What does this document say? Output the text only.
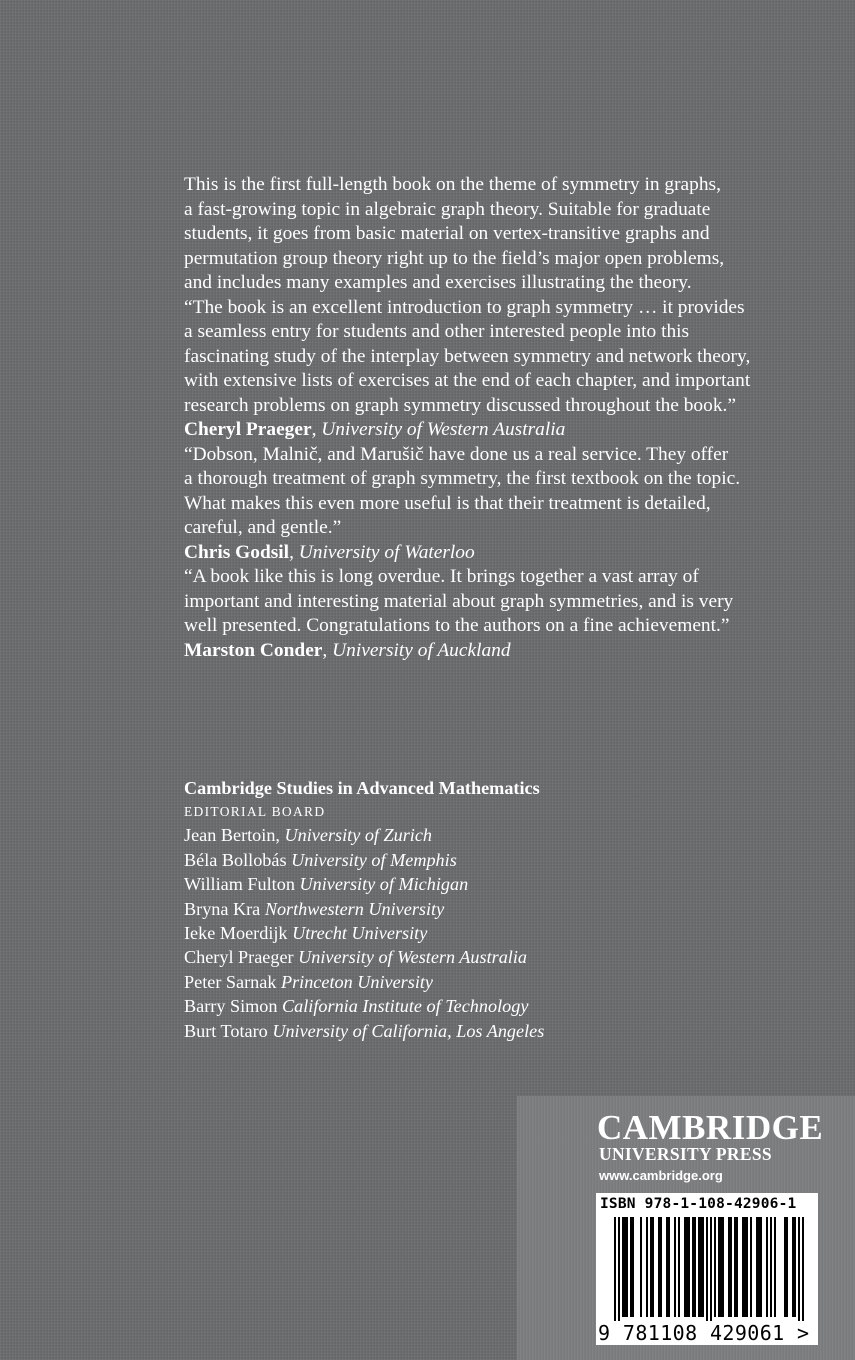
This is the first full-length book on the theme of symmetry in graphs,
a fast-growing topic in algebraic graph theory. Suitable for graduate
students, it goes from basic material on vertex-transitive graphs and
permutation group theory right up to the field’s major open problems,
and includes many examples and exercises illustrating the theory.

“The book is an excellent introduction to graph symmetry … it provides
a seamless entry for students and other interested people into this
fascinating study of the interplay between symmetry and network theory,
with extensive lists of exercises at the end of each chapter, and important
research problems on graph symmetry discussed throughout the book.”
Cheryl Praeger, University of Western Australia

“Dobson, Malnič, and Marušič have done us a real service. They offer
a thorough treatment of graph symmetry, the first textbook on the topic.
What makes this even more useful is that their treatment is detailed,
careful, and gentle.”
Chris Godsil, University of Waterloo

“A book like this is long overdue. It brings together a vast array of
important and interesting material about graph symmetries, and is very
well presented. Congratulations to the authors on a fine achievement.”
Marston Conder, University of Auckland

Cambridge Studies in Advanced Mathematics
EDITORIAL BOARD
Jean Bertoin, University of Zurich
Béla Bollobás University of Memphis
William Fulton University of Michigan
Bryna Kra Northwestern University
Ieke Moerdijk Utrecht University
Cheryl Praeger University of Western Australia
Peter Sarnak Princeton University
Barry Simon California Institute of Technology
Burt Totaro University of California, Los Angeles
CAMBRIDGE
UNIVERSITY PRESS
www.cambridge.org
ISBN 978-1-108-42906-1
9 781108 429061 >
